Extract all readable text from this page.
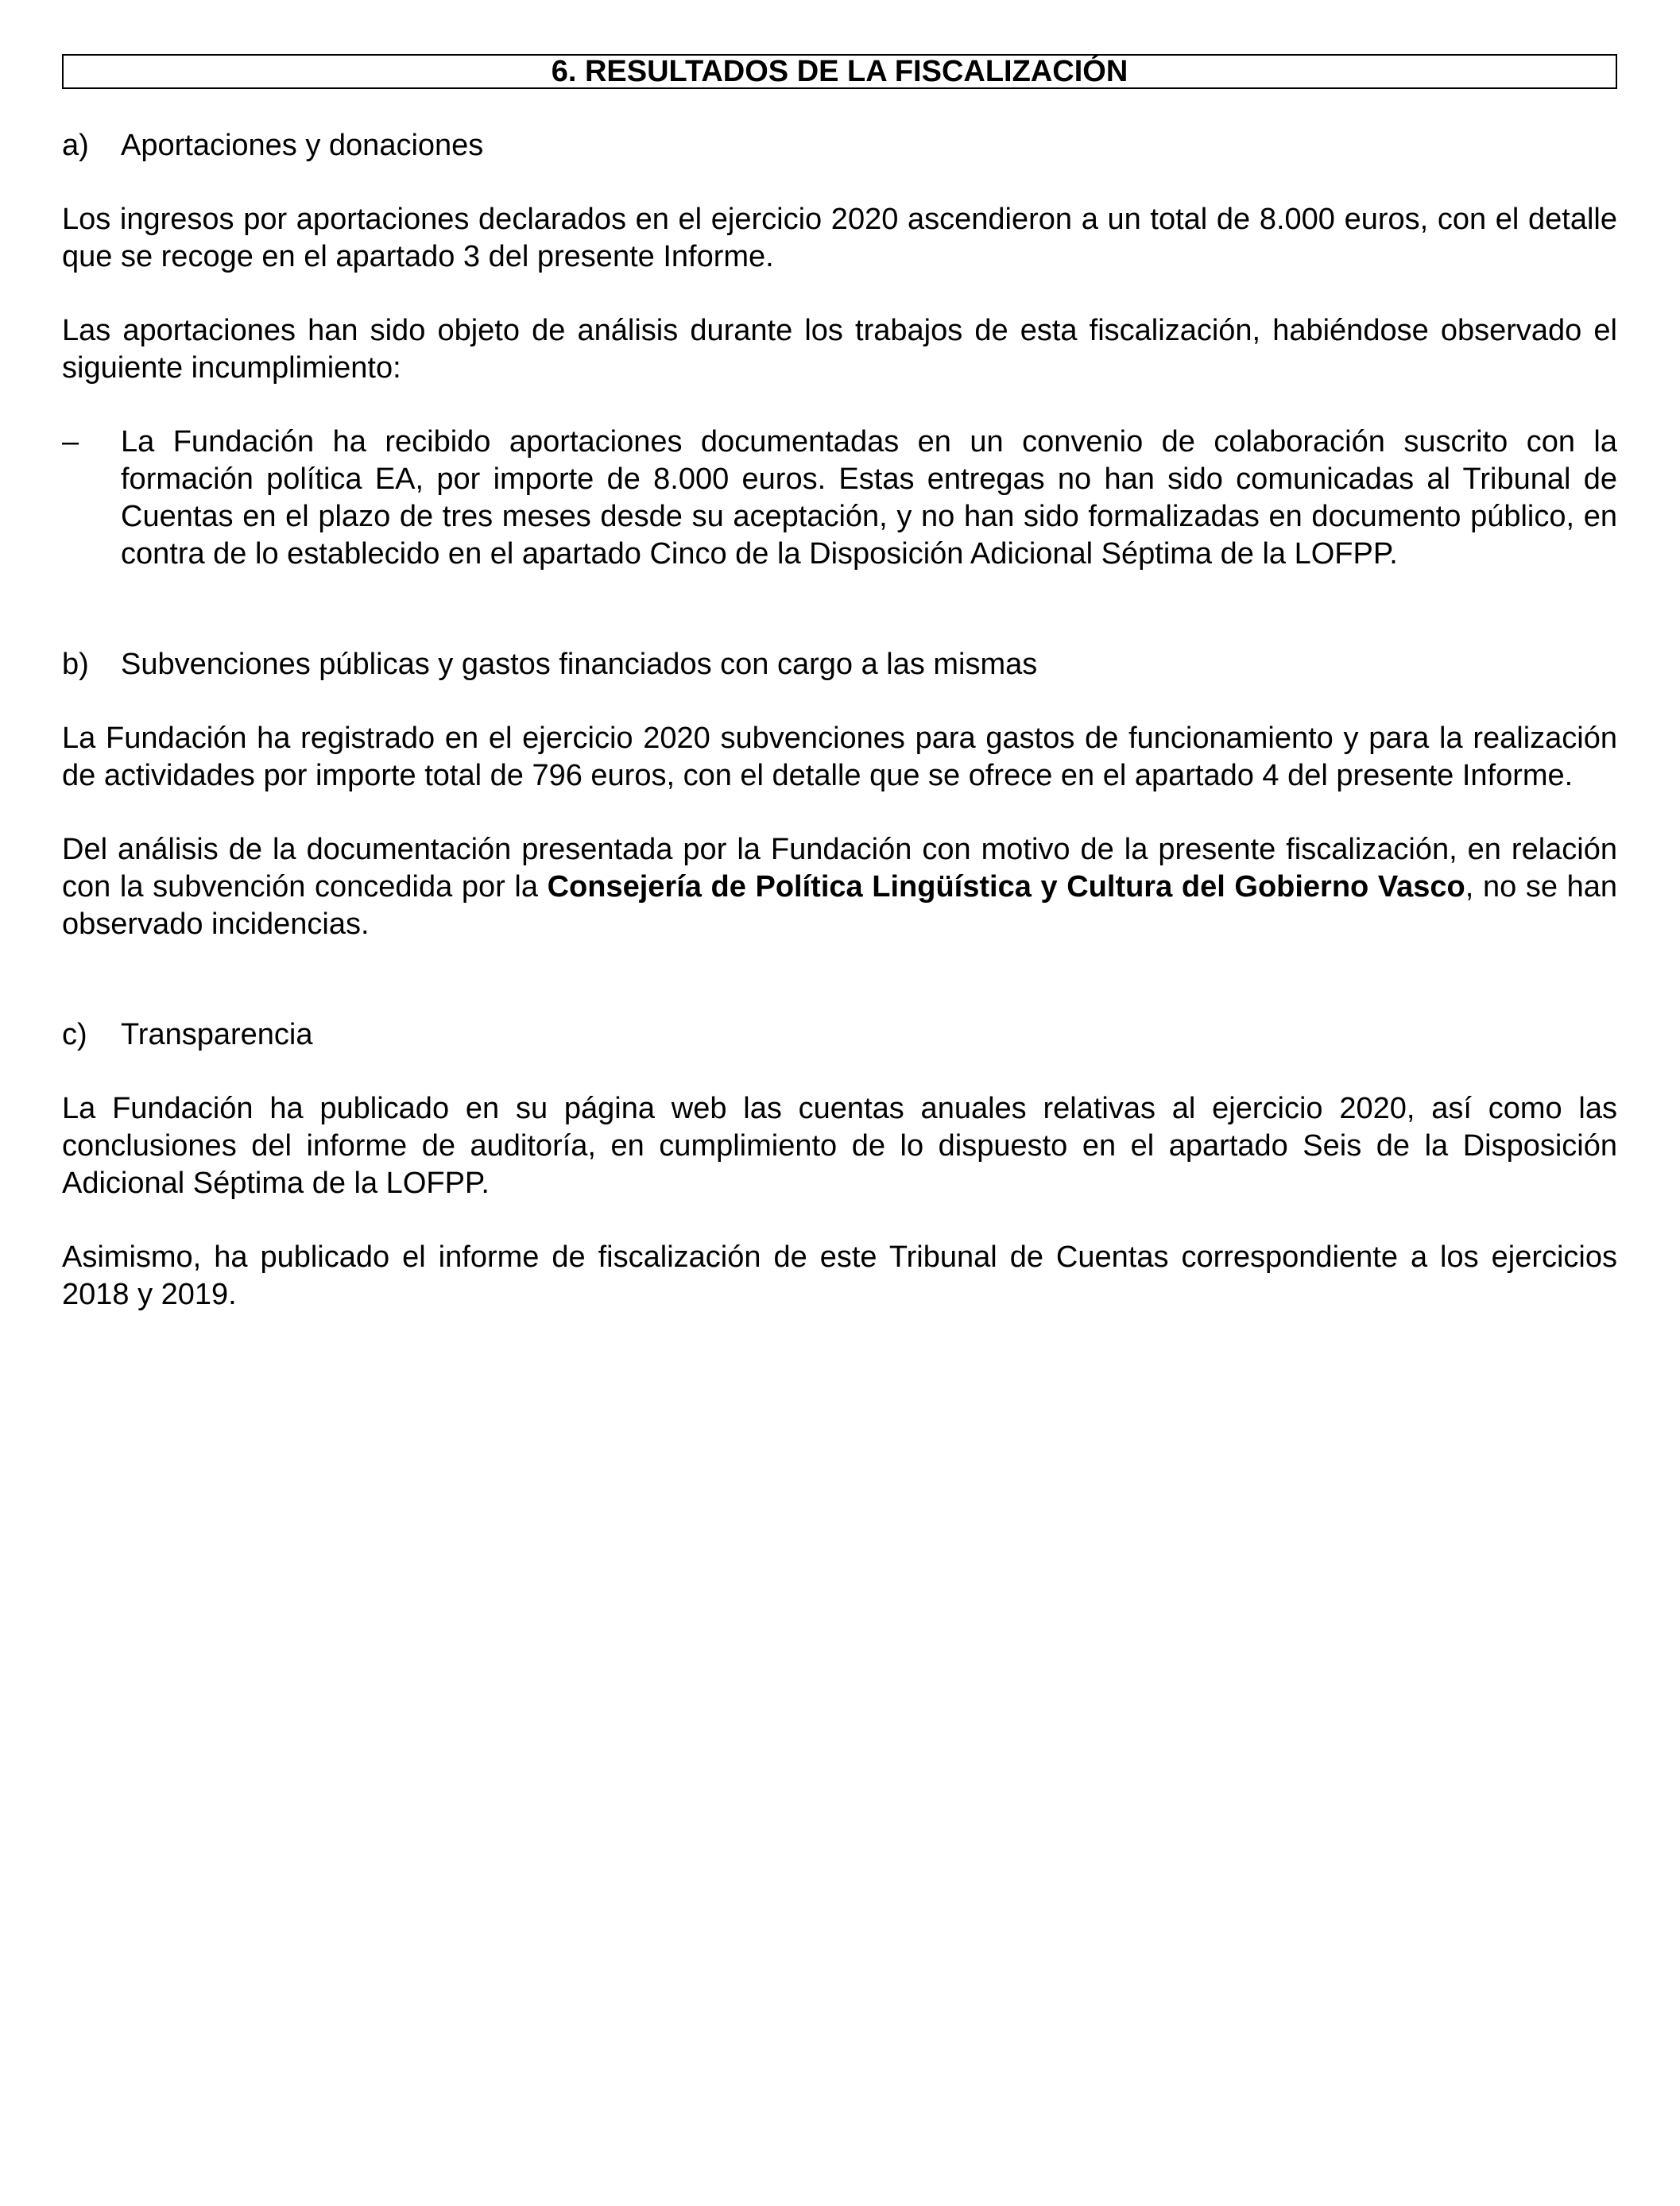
6. RESULTADOS DE LA FISCALIZACIÓN
a)	Aportaciones y donaciones

Los ingresos por aportaciones declarados en el ejercicio 2020 ascendieron a un total de 8.000 euros, con el detalle que se recoge en el apartado 3 del presente Informe.

Las aportaciones han sido objeto de análisis durante los trabajos de esta fiscalización, habiéndose observado el siguiente incumplimiento:

–	La Fundación ha recibido aportaciones documentadas en un convenio de colaboración suscrito con la formación política EA, por importe de 8.000 euros. Estas entregas no han sido comunicadas al Tribunal de Cuentas en el plazo de tres meses desde su aceptación, y no han sido formalizadas en documento público, en contra de lo establecido en el apartado Cinco de la Disposición Adicional Séptima de la LOFPP.
b)	Subvenciones públicas y gastos financiados con cargo a las mismas

La Fundación ha registrado en el ejercicio 2020 subvenciones para gastos de funcionamiento y para la realización de actividades por importe total de 796 euros, con el detalle que se ofrece en el apartado 4 del presente Informe.

Del análisis de la documentación presentada por la Fundación con motivo de la presente fiscalización, en relación con la subvención concedida por la Consejería de Política Lingüística y Cultura del Gobierno Vasco, no se han observado incidencias.

c)	Transparencia

La Fundación ha publicado en su página web las cuentas anuales relativas al ejercicio 2020, así como las conclusiones del informe de auditoría, en cumplimiento de lo dispuesto en el apartado Seis de la Disposición Adicional Séptima de la LOFPP.

Asimismo, ha publicado el informe de fiscalización de este Tribunal de Cuentas correspondiente a los ejercicios 2018 y 2019.
